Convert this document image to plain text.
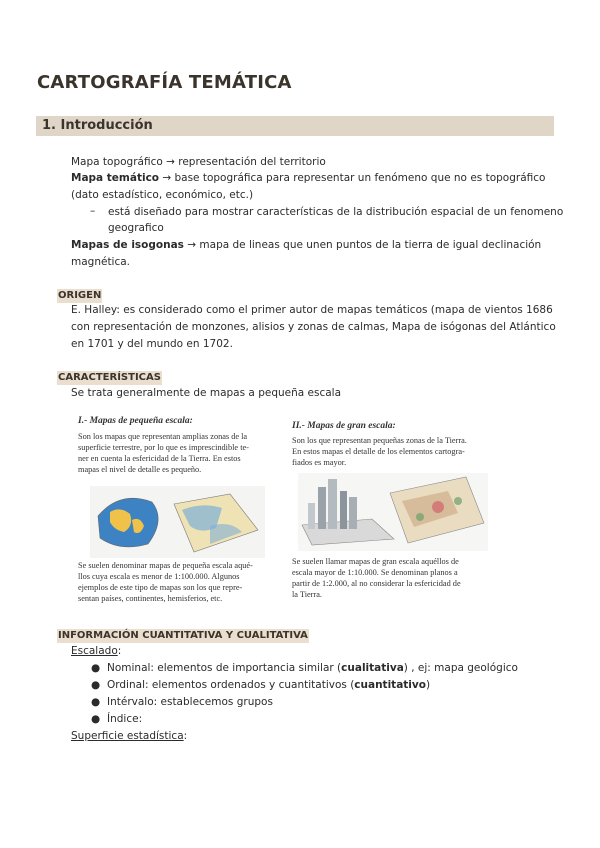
CARTOGRAFÍA TEMÁTICA
1. Introducción
Mapa topográfico → representación del territorio
Mapa temático → base topográfica para representar un fenómeno que no es topográfico
(dato estadístico, económico, etc.)
– está diseñado para mostrar características de la distribución espacial de un fenomeno
geografico
Mapas de isogonas → mapa de lineas que unen puntos de la tierra de igual declinación
magnética.
ORIGEN
E. Halley: es considerado como el primer autor de mapas temáticos (mapa de vientos 1686
con representación de monzones, alisios y zonas de calmas, Mapa de isógonas del Atlántico
en 1701 y del mundo en 1702.
CARACTERÍSTICAS
Se trata generalmente de mapas a pequeña escala
I.- Mapas de pequeña escala:
Son los mapas que representan amplias zonas de la
superficie terrestre, por lo que es imprescindible te-
ner en cuenta la esfericidad de la Tierra. En estos
mapas el nivel de detalle es pequeño.
Se suelen denominar mapas de pequeña escala aqué-
llos cuya escala es menor de 1:100.000. Algunos
ejemplos de este tipo de mapas son los que repre-
sentan países, continentes, hemisferios, etc.
II.- Mapas de gran escala:
Son los que representan pequeñas zonas de la Tierra.
En estos mapas el detalle de los elementos cartogra-
fiados es mayor.
Se suelen llamar mapas de gran escala aquéllos de
escala mayor de 1:10.000. Se denominan planos a
partir de 1:2.000, al no considerar la esfericidad de
la Tierra.
INFORMACIÓN CUANTITATIVA Y CUALITATIVA
Escalado:
● Nominal: elementos de importancia similar (cualitativa) , ej: mapa geológico
● Ordinal: elementos ordenados y cuantitativos (cuantitativo)
● Intérvalo: establecemos grupos
● Índice:
Superficie estadística:
